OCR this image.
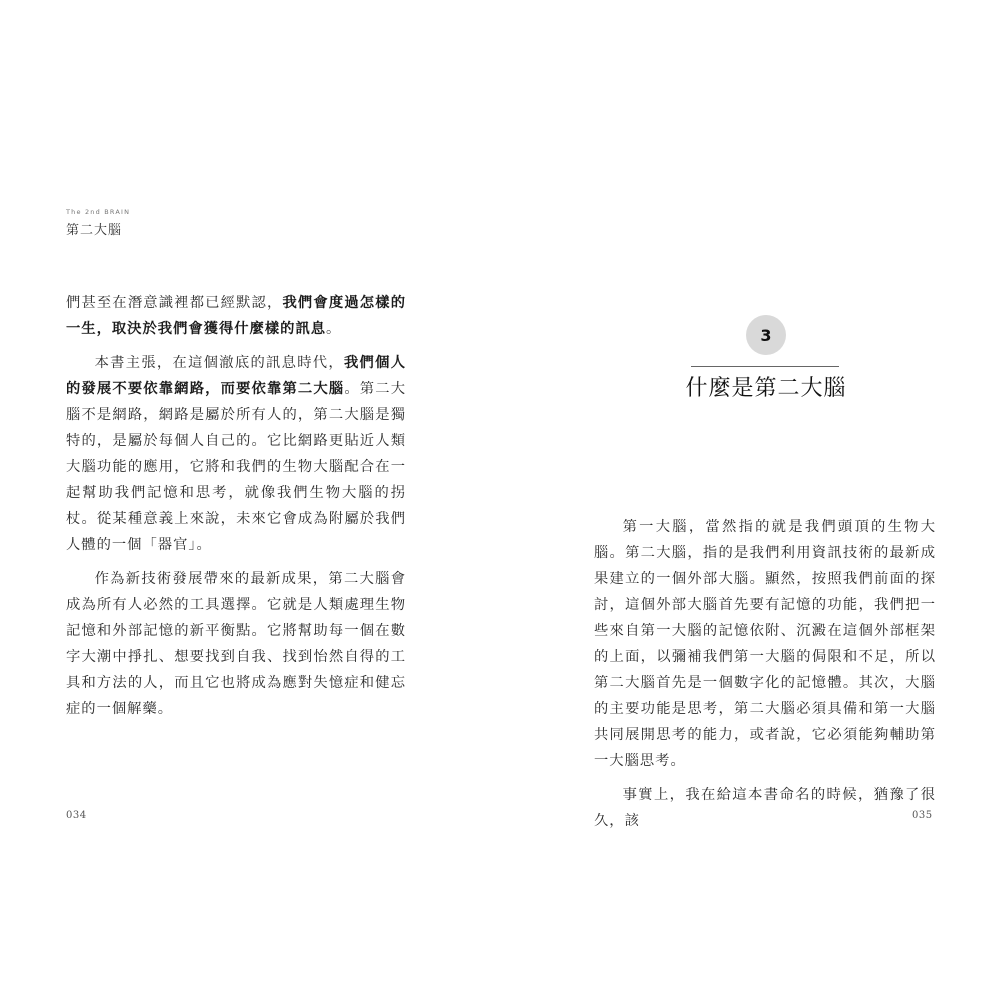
The 2nd BRAIN
第二大腦

們甚至在潛意識裡都已經默認，我們會度過怎樣的一生，取決於我們會獲得什麼樣的訊息。

本書主張，在這個澈底的訊息時代，我們個人的發展不要依靠網路，而要依靠第二大腦。第二大腦不是網路，網路是屬於所有人的，第二大腦是獨特的，是屬於每個人自己的。它比網路更貼近人類大腦功能的應用，它將和我們的生物大腦配合在一起幫助我們記憶和思考，就像我們生物大腦的拐杖。從某種意義上來說，未來它會成為附屬於我們人體的一個「器官」。

作為新技術發展帶來的最新成果，第二大腦會成為所有人必然的工具選擇。它就是人類處理生物記憶和外部記憶的新平衡點。它將幫助每一個在數字大潮中掙扎、想要找到自我、找到怡然自得的工具和方法的人，而且它也將成為應對失憶症和健忘症的一個解藥。

034
3
什麼是第二大腦

第一大腦，當然指的就是我們頭頂的生物大腦。第二大腦，指的是我們利用資訊技術的最新成果建立的一個外部大腦。顯然，按照我們前面的探討，這個外部大腦首先要有記憶的功能，我們把一些來自第一大腦的記憶依附、沉澱在這個外部框架的上面，以彌補我們第一大腦的侷限和不足，所以第二大腦首先是一個數字化的記憶體。其次，大腦的主要功能是思考，第二大腦必須具備和第一大腦共同展開思考的能力，或者說，它必須能夠輔助第一大腦思考。

事實上，我在給這本書命名的時候，猶豫了很久，該	035
